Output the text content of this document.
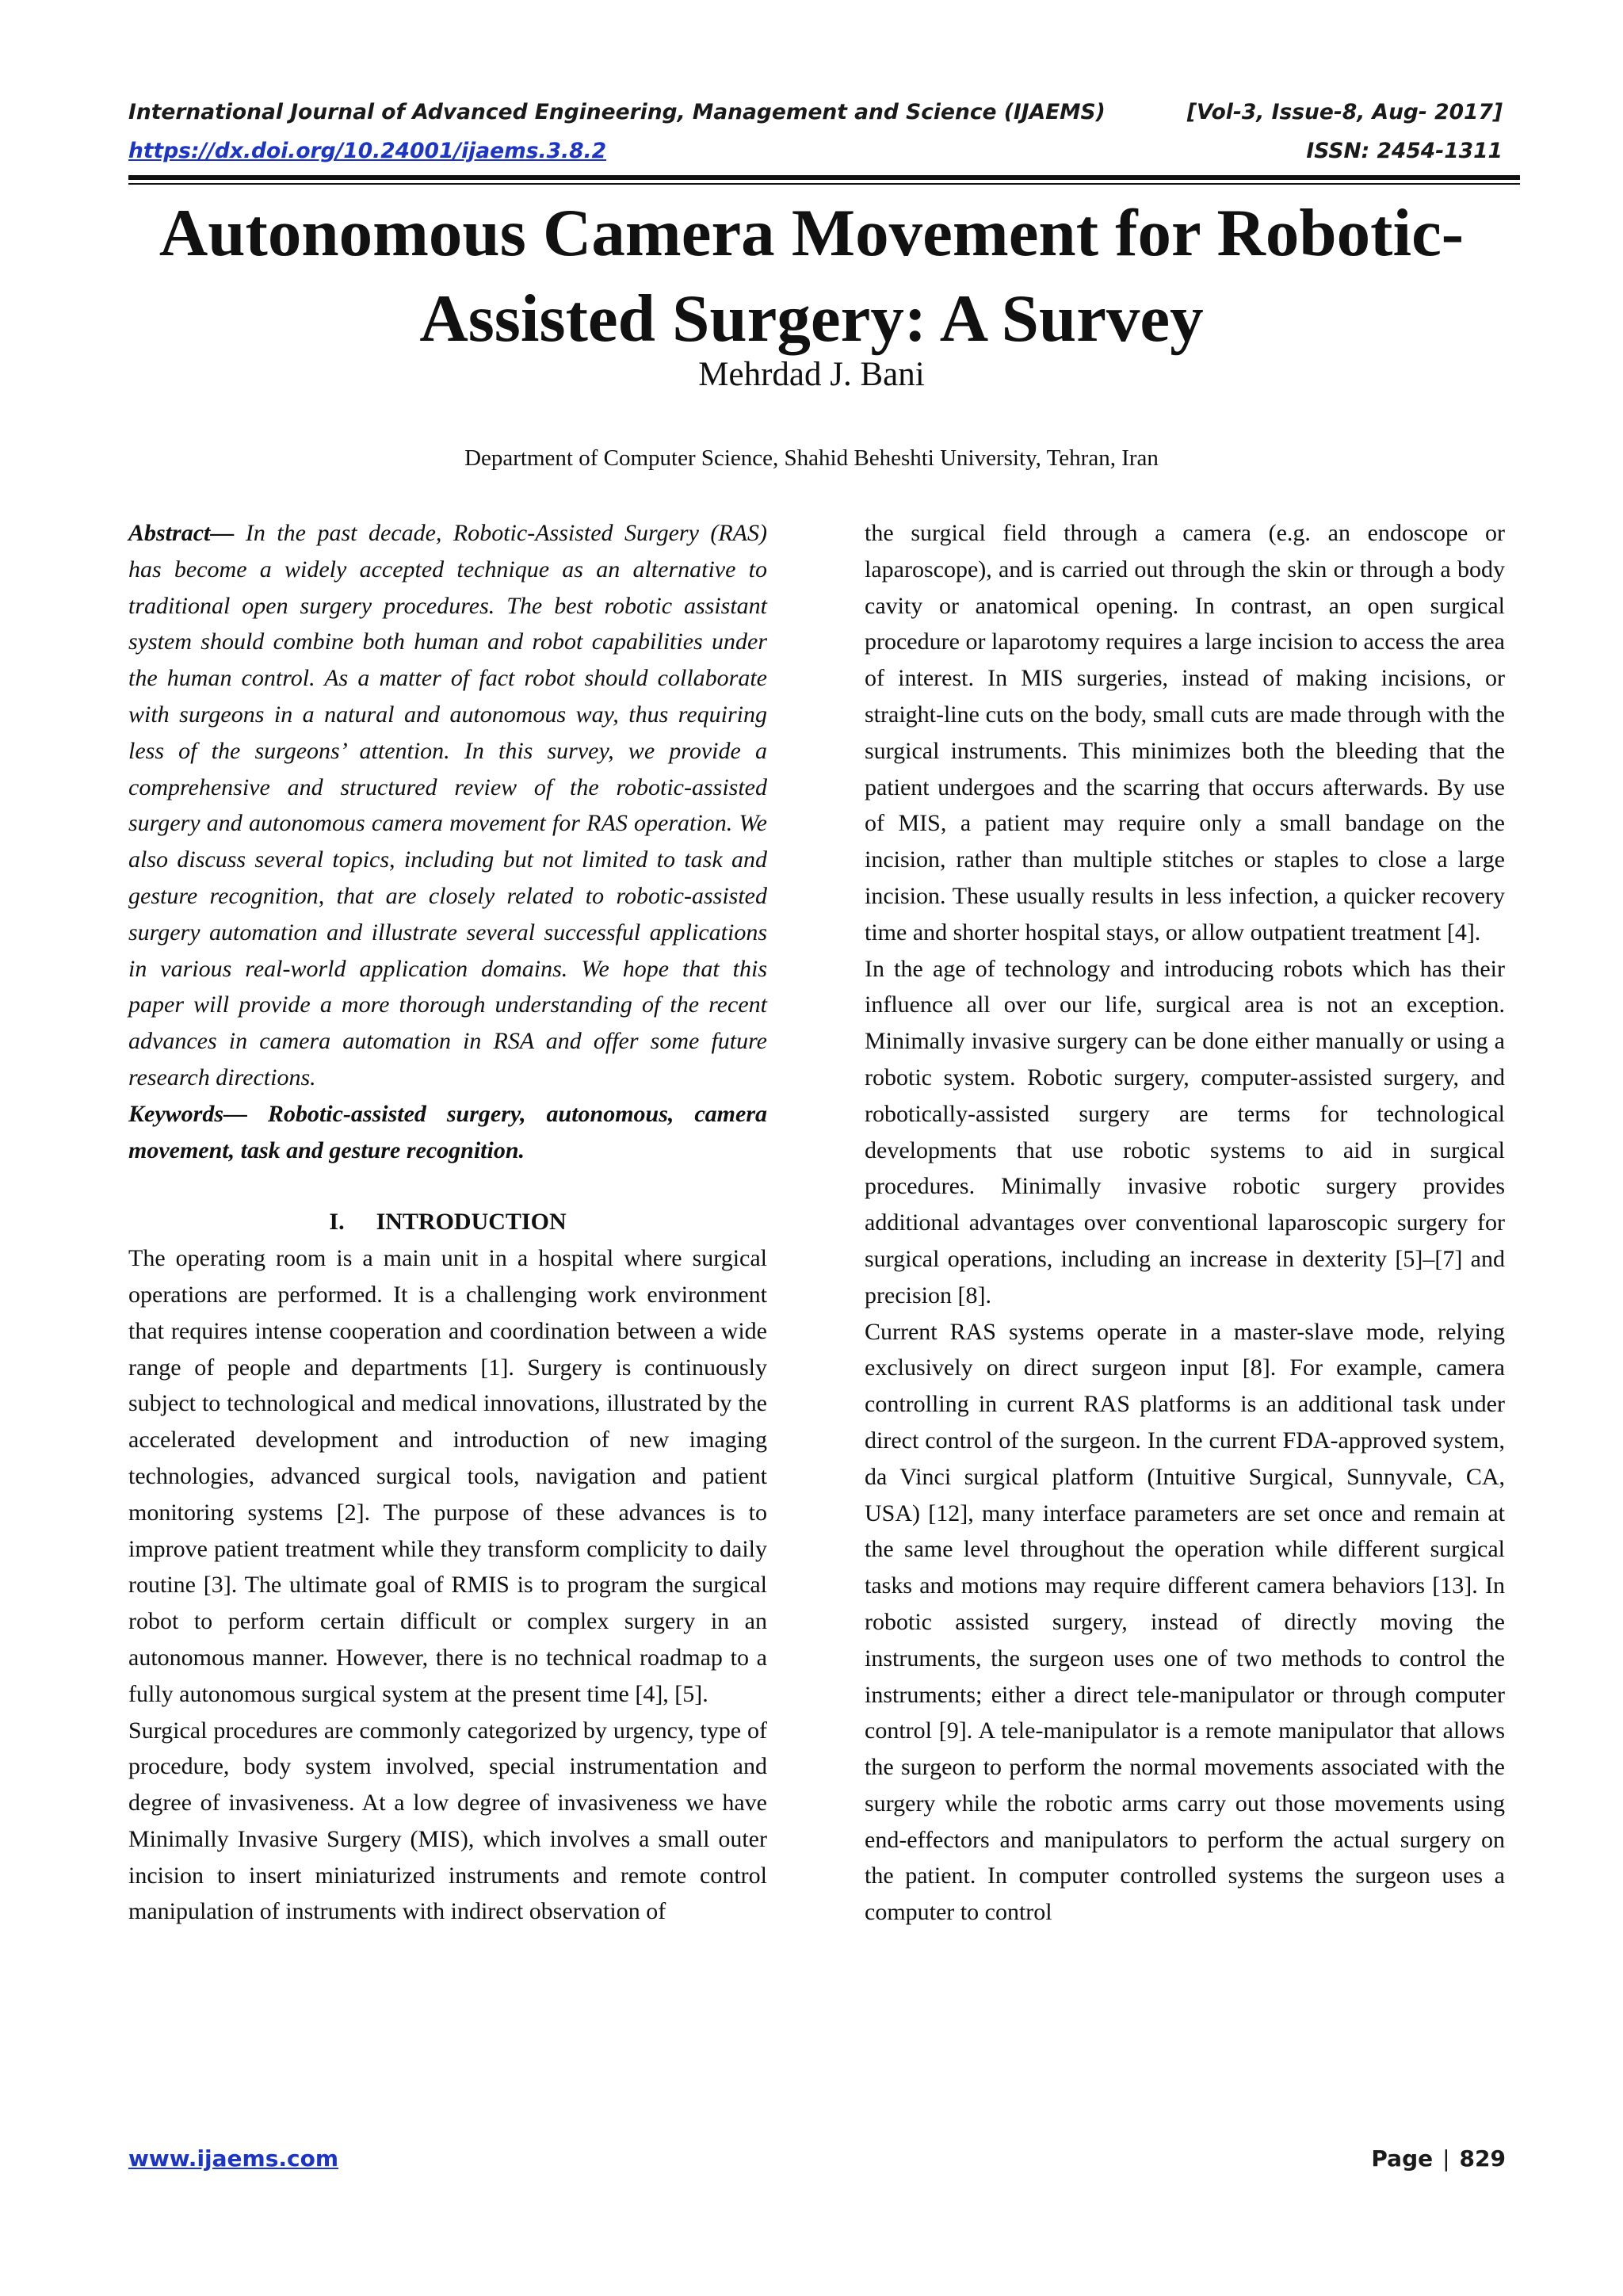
International Journal of Advanced Engineering, Management and Science (IJAEMS)	[Vol-3, Issue-8, Aug- 2017]
https://dx.doi.org/10.24001/ijaems.3.8.2	ISSN: 2454-1311
Autonomous Camera Movement for Robotic-Assisted Surgery: A Survey
Mehrdad J. Bani
Department of Computer Science, Shahid Beheshti University, Tehran, Iran

Abstract— In the past decade, Robotic-Assisted Surgery (RAS) has become a widely accepted technique as an alternative to traditional open surgery procedures. The best robotic assistant system should combine both human and robot capabilities under the human control. As a matter of fact robot should collaborate with surgeons in a natural and autonomous way, thus requiring less of the surgeons’ attention. In this survey, we provide a comprehensive and structured review of the robotic-assisted surgery and autonomous camera movement for RAS operation. We also discuss several topics, including but not limited to task and gesture recognition, that are closely related to robotic-assisted surgery automation and illustrate several successful applications in various real-world application domains. We hope that this paper will provide a more thorough understanding of the recent advances in camera automation in RSA and offer some future research directions.

Keywords— Robotic-assisted surgery, autonomous, camera movement, task and gesture recognition.

I. INTRODUCTION

The operating room is a main unit in a hospital where surgical operations are performed. It is a challenging work environment that requires intense cooperation and coordination between a wide range of people and departments [1]. Surgery is continuously subject to technological and medical innovations, illustrated by the accelerated development and introduction of new imaging technologies, advanced surgical tools, navigation and patient monitoring systems [2]. The purpose of these advances is to improve patient treatment while they transform complicity to daily routine [3]. The ultimate goal of RMIS is to program the surgical robot to perform certain difficult or complex surgery in an autonomous manner. However, there is no technical roadmap to a fully autonomous surgical system at the present time [4], [5].

Surgical procedures are commonly categorized by urgency, type of procedure, body system involved, special instrumentation and degree of invasiveness. At a low degree of invasiveness we have Minimally Invasive Surgery (MIS), which involves a small outer incision to insert miniaturized instruments and remote control manipulation of instruments with indirect observation of

the surgical field through a camera (e.g. an endoscope or laparoscope), and is carried out through the skin or through a body cavity or anatomical opening. In contrast, an open surgical procedure or laparotomy requires a large incision to access the area of interest. In MIS surgeries, instead of making incisions, or straight-line cuts on the body, small cuts are made through with the surgical instruments. This minimizes both the bleeding that the patient undergoes and the scarring that occurs afterwards. By use of MIS, a patient may require only a small bandage on the incision, rather than multiple stitches or staples to close a large incision. These usually results in less infection, a quicker recovery time and shorter hospital stays, or allow outpatient treatment [4].

In the age of technology and introducing robots which has their influence all over our life, surgical area is not an exception. Minimally invasive surgery can be done either manually or using a robotic system. Robotic surgery, computer-assisted surgery, and robotically-assisted surgery are terms for technological developments that use robotic systems to aid in surgical procedures. Minimally invasive robotic surgery provides additional advantages over conventional laparoscopic surgery for surgical operations, including an increase in dexterity [5]–[7] and precision [8].

Current RAS systems operate in a master-slave mode, relying exclusively on direct surgeon input [8]. For example, camera controlling in current RAS platforms is an additional task under direct control of the surgeon. In the current FDA-approved system, da Vinci surgical platform (Intuitive Surgical, Sunnyvale, CA, USA) [12], many interface parameters are set once and remain at the same level throughout the operation while different surgical tasks and motions may require different camera behaviors [13]. In robotic assisted surgery, instead of directly moving the instruments, the surgeon uses one of two methods to control the instruments; either a direct tele-manipulator or through computer control [9]. A tele-manipulator is a remote manipulator that allows the surgeon to perform the normal movements associated with the surgery while the robotic arms carry out those movements using end-effectors and manipulators to perform the actual surgery on the patient. In computer controlled systems the surgeon uses a computer to control

www.ijaems.com	Page | 829
